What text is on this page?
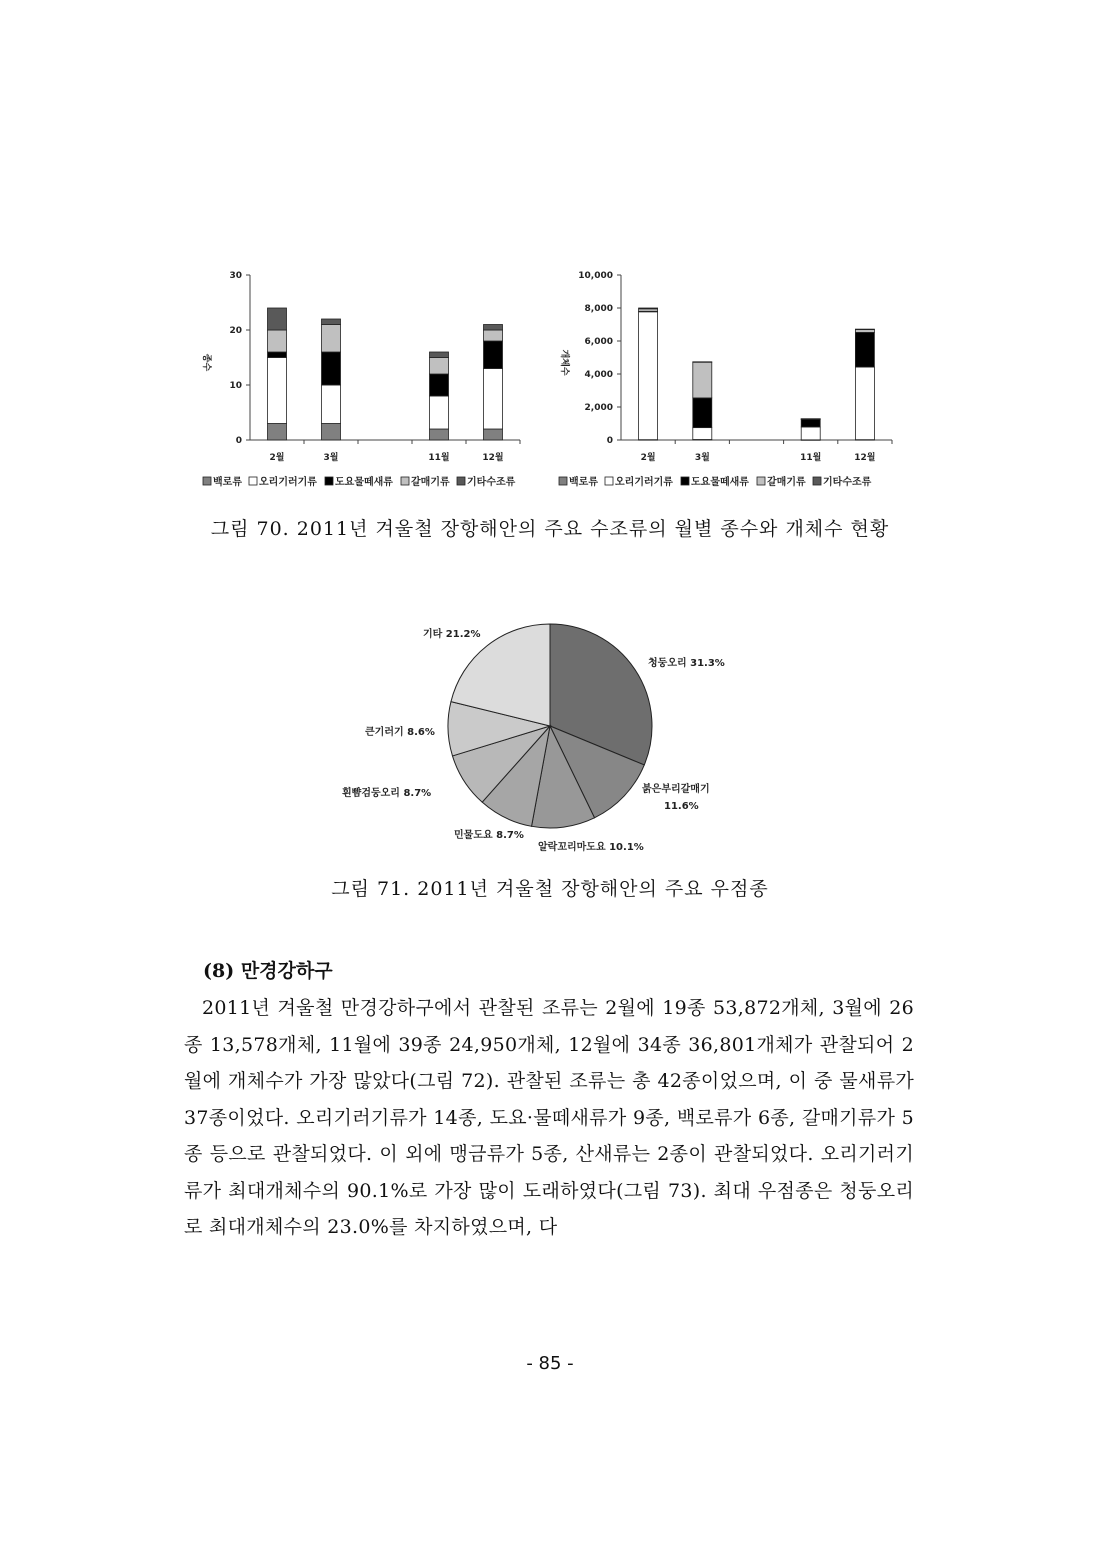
0
10
20
30
종수
2월	3월	11월	12월
백로류 오리기러기류 도요물떼새류 갈매기류 기타수조류
0
2,000
4,000
6,000
8,000
10,000
개체수
2월	3월	11월	12월
백로류 오리기러기류 도요물떼새류 갈매기류 기타수조류
그림 70. 2011년 겨울철 장항해안의 주요 수조류의 월별 종수와 개체수 현황
청둥오리 31.3%
붉은부리갈매기
11.6%
알락꼬리마도요 10.1%
민물도요 8.7%
흰뺨검둥오리 8.7%
큰기러기 8.6%
기타 21.2%
그림 71. 2011년 겨울철 장항해안의 주요 우점종
(8) 만경강하구
2011년 겨울철 만경강하구에서 관찰된 조류는 2월에 19종 53,872개체, 3월에 26종 13,578개체, 11월에 39종 24,950개체, 12월에 34종 36,801개체가 관찰되어 2월에 개체수가 가장 많았다(그림 72). 관찰된 조류는 총 42종이었으며, 이 중 물새류가 37종이었다. 오리기러기류가 14종, 도요·물떼새류가 9종, 백로류가 6종, 갈매기류가 5종 등으로 관찰되었다. 이 외에 맹금류가 5종, 산새류는 2종이 관찰되었다. 오리기러기류가 최대개체수의 90.1%로 가장 많이 도래하였다(그림 73). 최대 우점종은 청둥오리로 최대개체수의 23.0%를 차지하였으며, 다
- 85 -
